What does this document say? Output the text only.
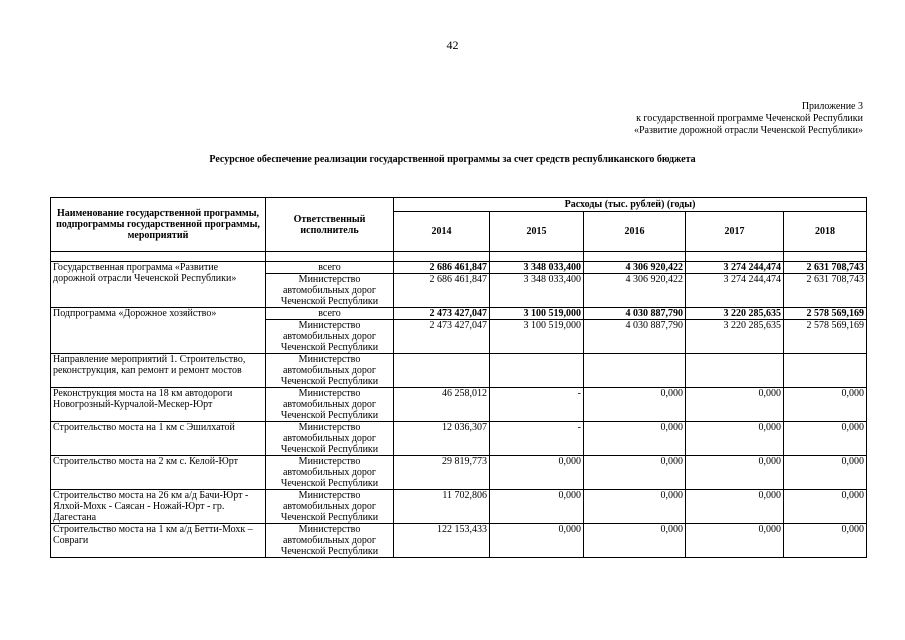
42
Приложение 3
к государственной программе Чеченской Республики
«Развитие дорожной отрасли Чеченской Республики»
Ресурсное обеспечение реализации государственной программы за счет средств республиканского бюджета
Наименование государственной программы, подпрограммы государственной программы, мероприятий	Ответственный исполнитель	Расходы (тыс. рублей) (годы)				
		2014	2015	2016	2017	2018

Государственная программа «Развитие дорожной отрасли Чеченской Республики»	всего	2 686 461,847	3 348 033,400	4 306 920,422	3 274 244,474	2 631 708,743
	Министерство автомобильных дорог Чеченской Республики	2 686 461,847	3 348 033,400	4 306 920,422	3 274 244,474	2 631 708,743
Подпрограмма «Дорожное хозяйство»	всего	2 473 427,047	3 100 519,000	4 030 887,790	3 220 285,635	2 578 569,169
	Министерство автомобильных дорог Чеченской Республики	2 473 427,047	3 100 519,000	4 030 887,790	3 220 285,635	2 578 569,169
Направление мероприятий 1. Строительство, реконструкция, кап ремонт и ремонт мостов	Министерство автомобильных дорог Чеченской Республики					
Реконструкция моста на 18 км автодороги Новогрозный-Курчалой-Мескер-Юрт	Министерство автомобильных дорог Чеченской Республики	46 258,012	-	0,000	0,000	0,000
Строительство моста на 1 км с Эшилхатой	Министерство автомобильных дорог Чеченской Республики	12 036,307	-	0,000	0,000	0,000
Строительство моста на 2 км с. Келой-Юрт	Министерство автомобильных дорог Чеченской Республики	29 819,773	0,000	0,000	0,000	0,000
Строительство моста на 26 км а/д Бачи-Юрт - Ялхой-Мохк - Саясан - Ножай-Юрт - гр. Дагестана	Министерство автомобильных дорог Чеченской Республики	11 702,806	0,000	0,000	0,000	0,000
Строительство моста на 1 км а/д Бетти-Мохк – Совраги	Министерство автомобильных дорог Чеченской Республики	122 153,433	0,000	0,000	0,000	0,000
